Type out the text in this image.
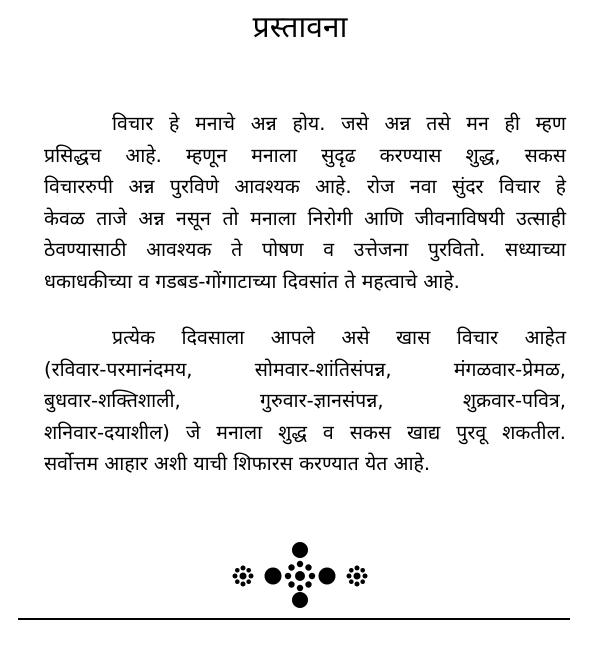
प्रस्तावना
विचार हे मनाचे अन्न होय. जसे अन्न तसे मन ही म्हण
प्रसिद्धच आहे. म्हणून मनाला सुदृढ करण्यास शुद्ध, सकस
विचाररुपी अन्न पुरविणे आवश्यक आहे. रोज नवा सुंदर विचार हे
केवळ ताजे अन्न नसून तो मनाला निरोगी आणि जीवनाविषयी उत्साही
ठेवण्यासाठी आवश्यक ते पोषण व उत्तेजना पुरवितो. सध्याच्या
धकाधकीच्या व गडबड-गोंगाटाच्या दिवसांत ते महत्वाचे आहे.
प्रत्येक दिवसाला आपले असे खास विचार आहेत
(रविवार-परमानंदमय, सोमवार-शांतिसंपन्न, मंगळवार-प्रेमळ,
बुधवार-शक्तिशाली, गुरुवार-ज्ञानसंपन्न, शुक्रवार-पवित्र,
शनिवार-दयाशील) जे मनाला शुद्ध व सकस खाद्य पुरवू शकतील.
सर्वोत्तम आहार अशी याची शिफारस करण्यात येत आहे.
